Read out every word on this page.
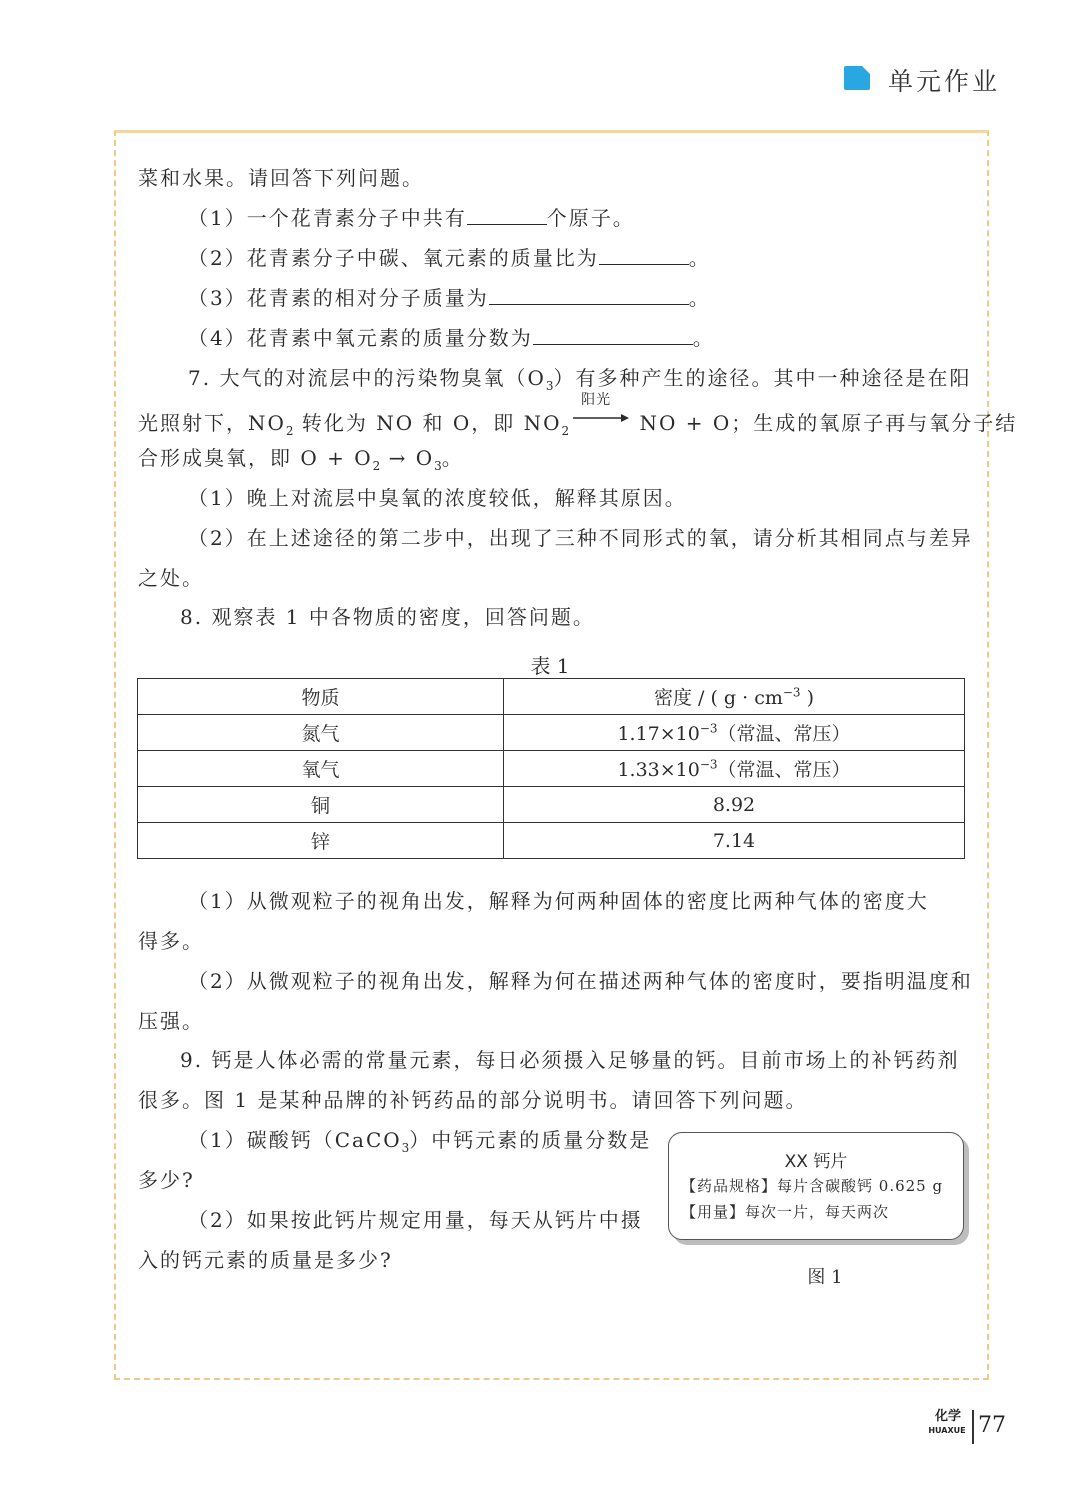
单元作业
菜和水果。请回答下列问题。
（1）一个花青素分子中共有	个原子。
（2）花青素分子中碳、氧元素的质量比为	。
（3）花青素的相对分子质量为	。
（4）花青素中氧元素的质量分数为	。
7. 大气的对流层中的污染物臭氧$(O_3)$有多种产生的途径。其中一种途径是在阳
光照射下，$NO_2$ 转化为 NO 和 O，即 $NO_2$
阳光
NO + O；生成的氧原子再与氧分子结
合形成臭氧，即 $O + O_2 \to O_3$。
（1）晚上对流层中臭氧的浓度较低，解释其原因。
（2）在上述途径的第二步中，出现了三种不同形式的氧，请分析其相同点与差异
之处。
8. 观察表 1 中各物质的密度，回答问题。
表 1
物质	密度 / ( $g \cdot cm^{-3}$ )
氮气	$1.17\times 10^{-3}$（常温、常压）
氧气	$1.33\times 10^{-3}$（常温、常压）
铜	8.92
锌	7.14
（1）从微观粒子的视角出发，解释为何两种固体的密度比两种气体的密度大
得多。
（2）从微观粒子的视角出发，解释为何在描述两种气体的密度时，要指明温度和
压强。
9. 钙是人体必需的常量元素，每日必须摄入足够量的钙。目前市场上的补钙药剂
很多。图 1 是某种品牌的补钙药品的部分说明书。请回答下列问题。
（1）碳酸钙（CaCO$_3$）中钙元素的质量分数是
多少?
（2）如果按此钙片规定用量，每天从钙片中摄
入的钙元素的质量是多少?
XX 钙片
【药品规格】每片含碳酸钙 0.625 g
【用量】每次一片，每天两次
图 1
化学
HUAXUE 77
